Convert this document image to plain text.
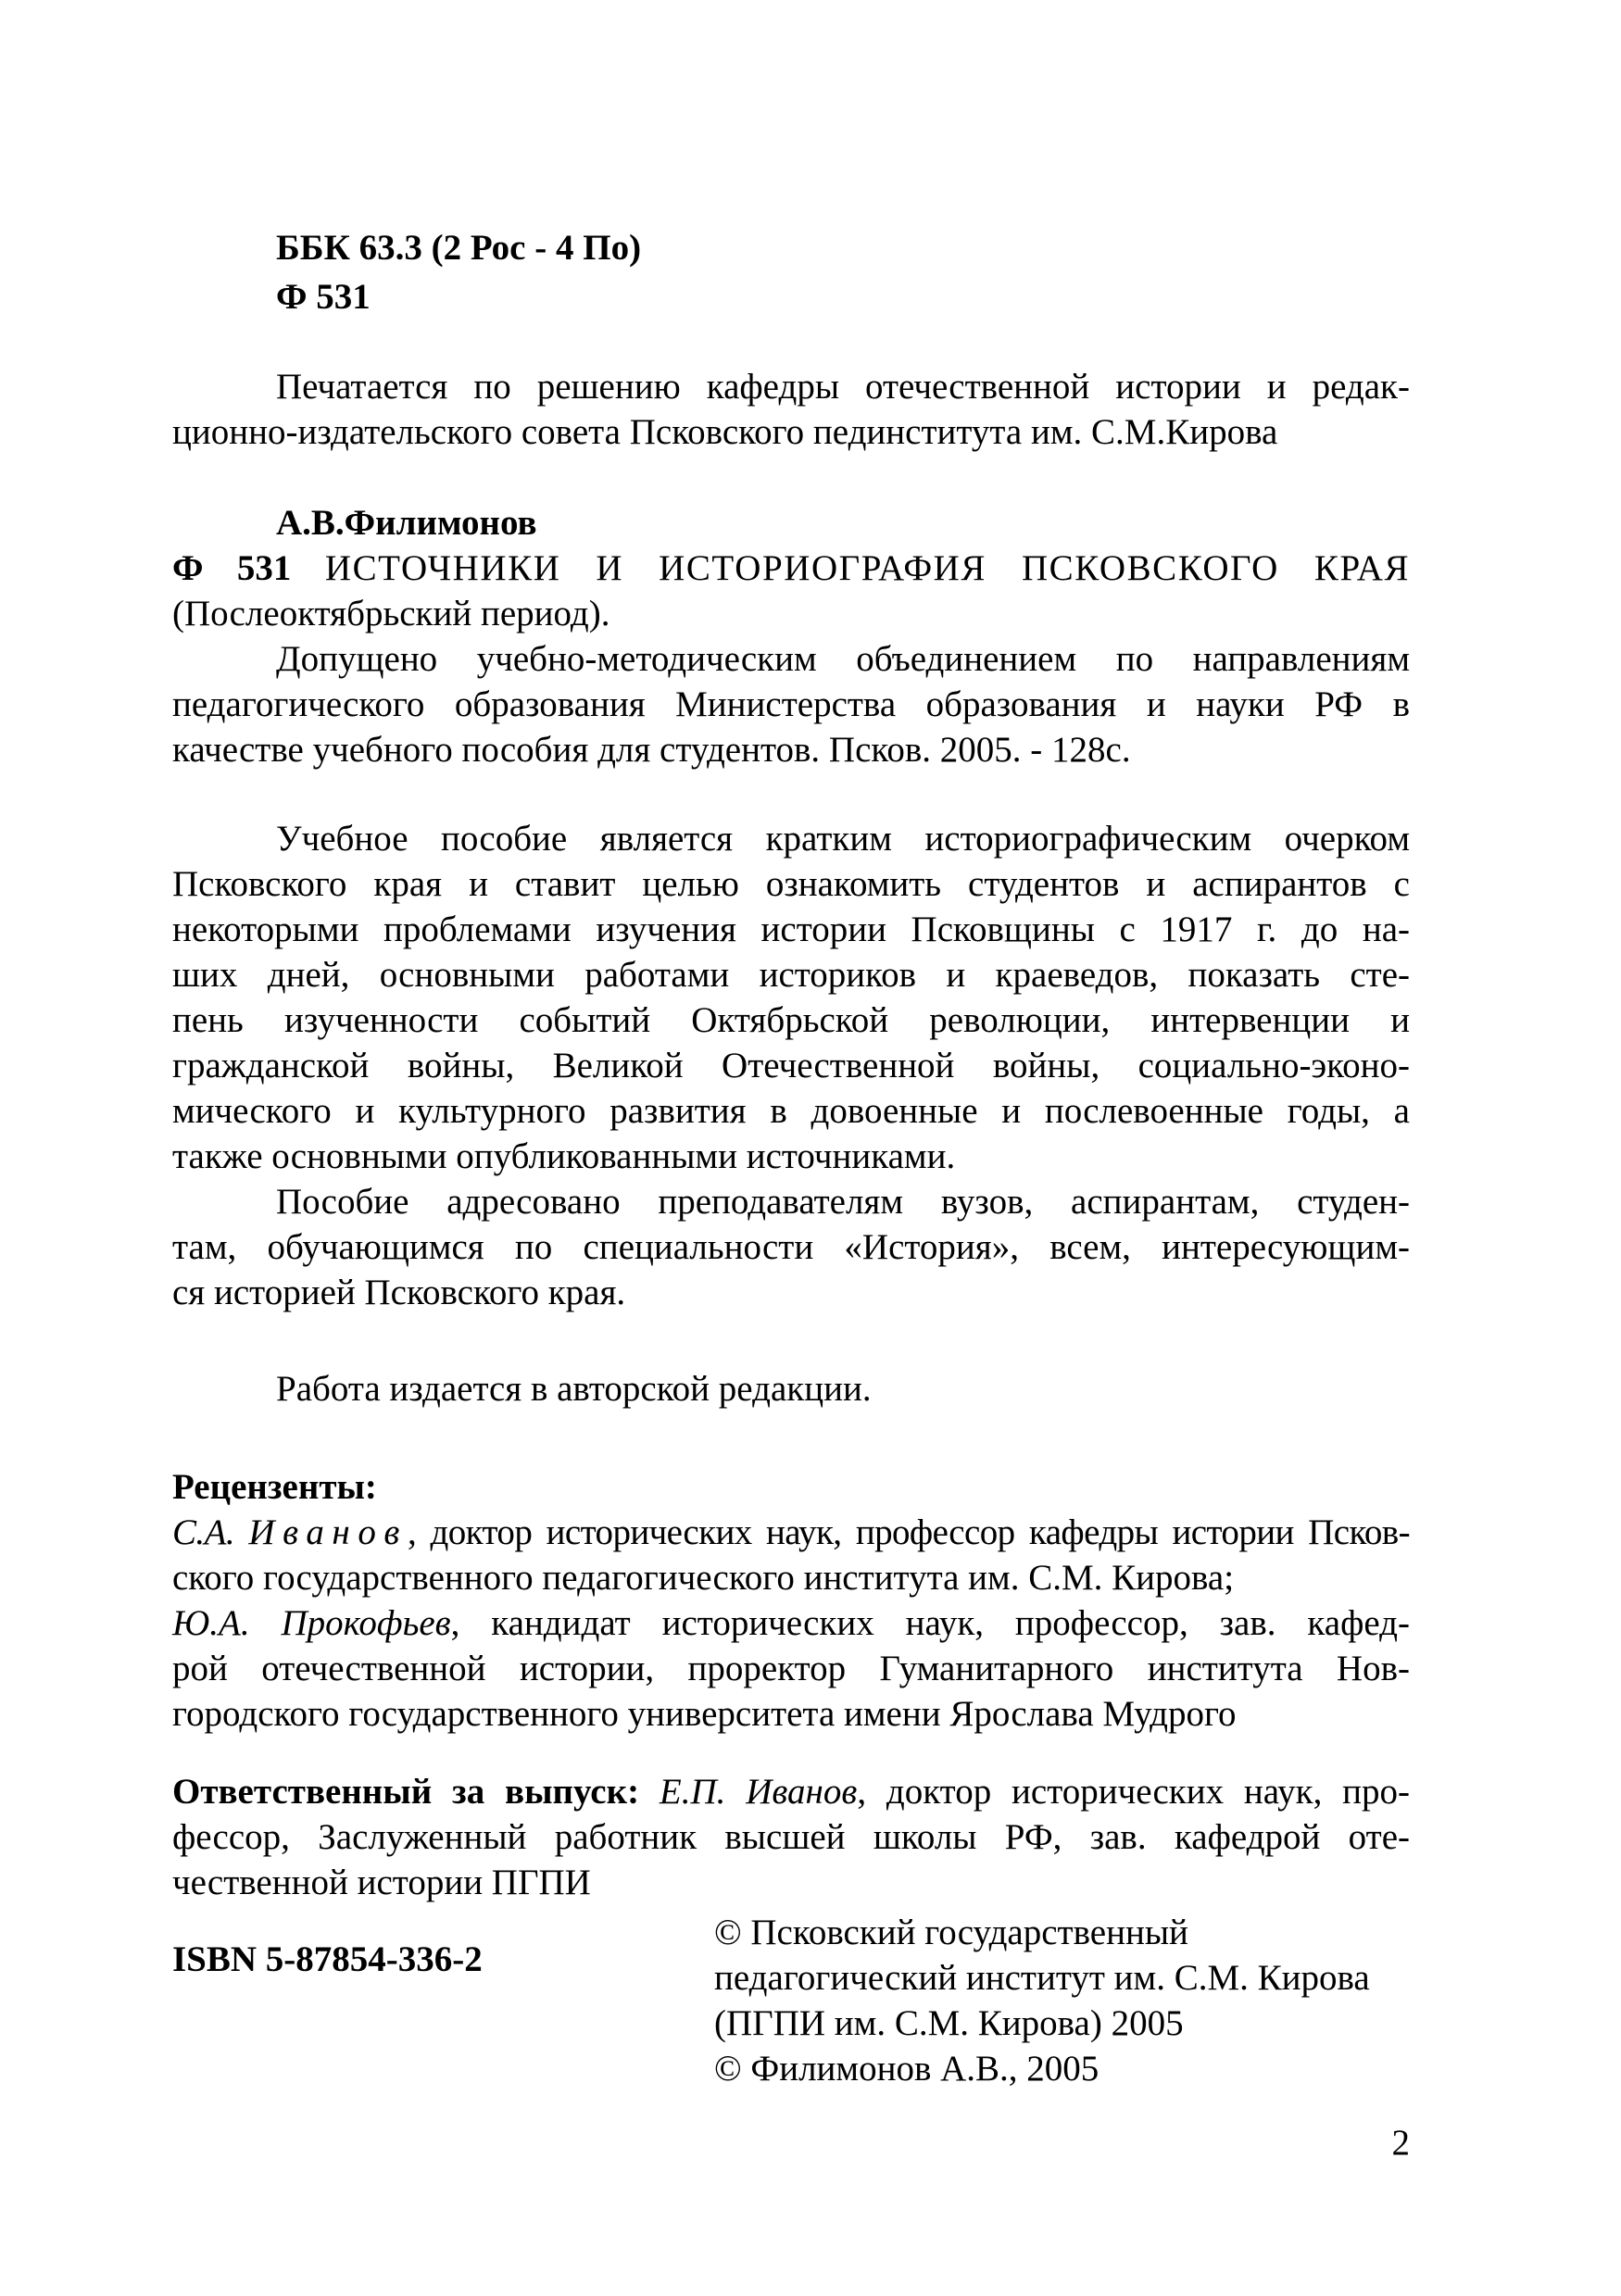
ББК 63.3 (2 Рос - 4 По)
Ф 531
Печатается по решению кафедры отечественной истории и редак-
ционно-издательского совета Псковского пединститута им. С.М.Кирова
А.В.Филимонов
Ф 531 ИСТОЧНИКИ И ИСТОРИОГРАФИЯ ПСКОВСКОГО КРАЯ
(Послеоктябрьский период).
Допущено учебно-методическим объединением по направлениям
педагогического образования Министерства образования и науки РФ в
качестве учебного пособия для студентов. Псков. 2005. - 128с.
Учебное пособие является кратким историографическим очерком
Псковского края и ставит целью ознакомить студентов и аспирантов с
некоторыми проблемами изучения истории Псковщины с 1917 г. до на-
ших дней, основными работами историков и краеведов, показать сте-
пень изученности событий Октябрьской революции, интервенции и
гражданской войны, Великой Отечественной войны, социально-эконо-
мического и культурного развития в довоенные и послевоенные годы, а
также основными опубликованными источниками.
Пособие адресовано преподавателям вузов, аспирантам, студен-
там, обучающимся по специальности «История», всем, интересующим-
ся историей Псковского края.
Работа издается в авторской редакции.
Рецензенты:
С.А. Иванов, доктор исторических наук, профессор кафедры истории Псков-
ского государственного педагогического института им. С.М. Кирова;
Ю.А. Прокофьев, кандидат исторических наук, профессор, зав. кафед-
рой отечественной истории, проректор Гуманитарного института Нов-
городского государственного университета имени Ярослава Мудрого
Ответственный за выпуск: Е.П. Иванов, доктор исторических наук, про-
фессор, Заслуженный работник высшей школы РФ, зав. кафедрой оте-
чественной истории ПГПИ
ISBN 5-87854-336-2
© Псковский государственный
педагогический институт им. С.М. Кирова
(ПГПИ им. С.М. Кирова) 2005
© Филимонов А.В., 2005
2
